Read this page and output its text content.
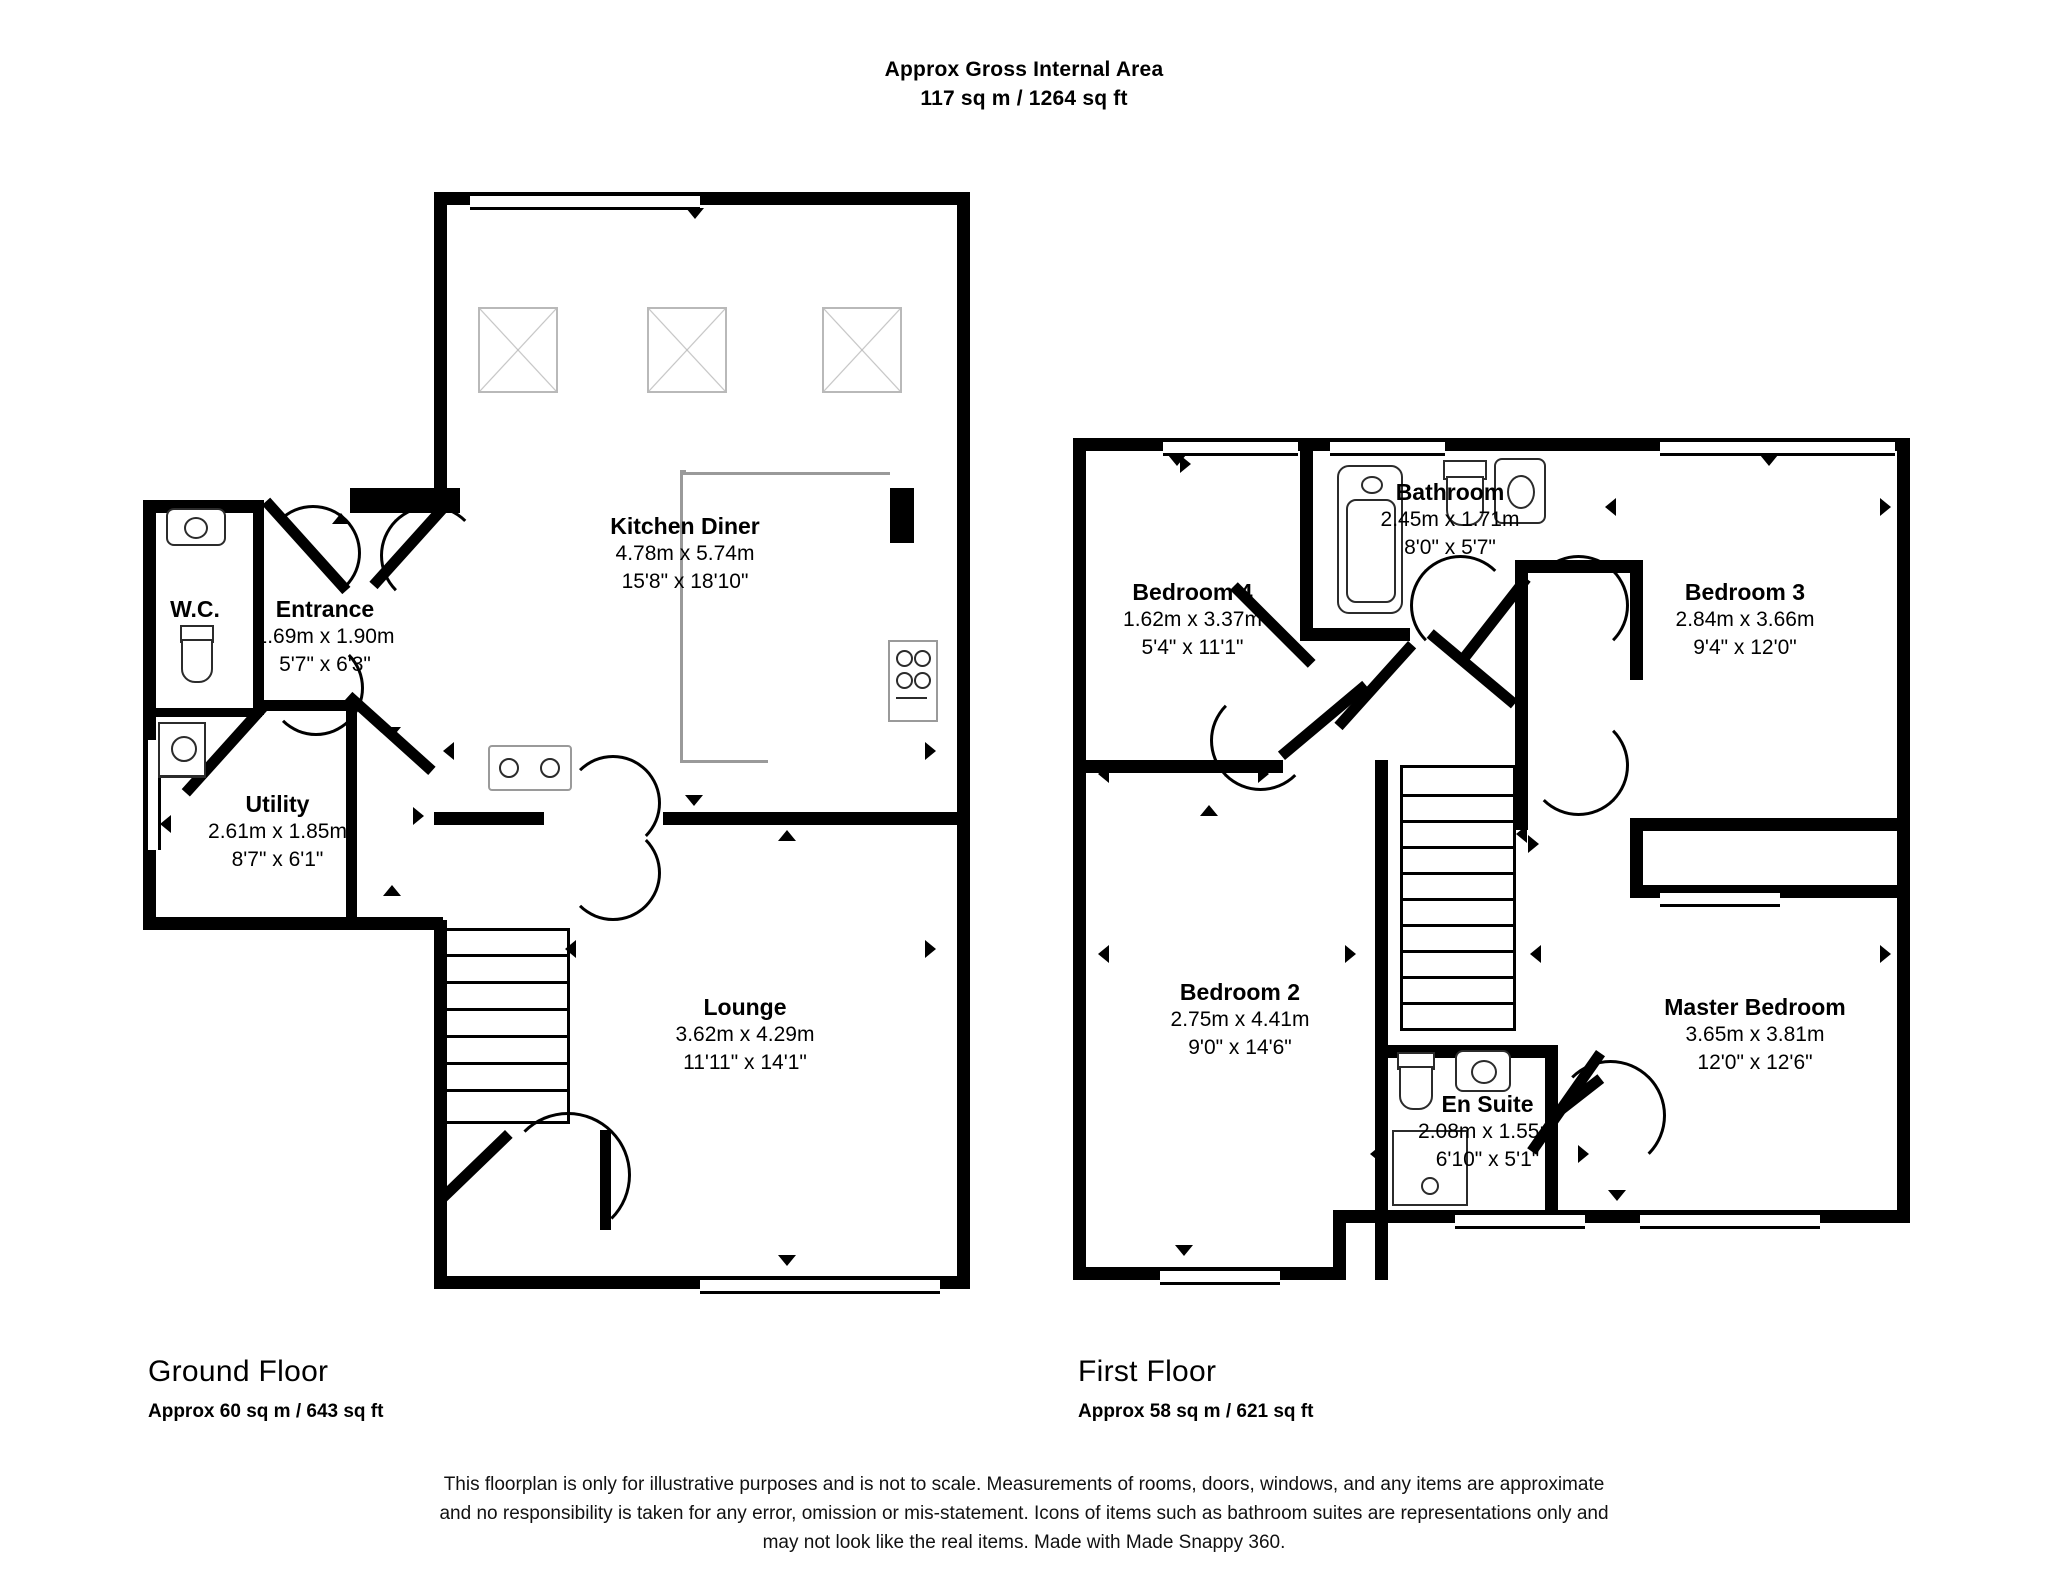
Approx Gross Internal Area
117 sq m / 1264 sq ft
Kitchen Diner
4.78m x 5.74m
15'8" x 18'10"
W.C.	Entrance
1.69m x 1.90m
5'7" x 6'3"
Utility
2.61m x 1.85m
8'7" x 6'1"
Lounge
3.62m x 4.29m
11'11" x 14'1"
Bathroom
2.45m x 1.71m
8'0" x 5'7"
Bedroom 4
1.62m x 3.37m
5'4" x 11'1"
Bedroom 3
2.84m x 3.66m
9'4" x 12'0"
Bedroom 2
2.75m x 4.41m
9'0" x 14'6"
Master Bedroom
3.65m x 3.81m
12'0" x 12'6"
En Suite
2.08m x 1.55m
6'10" x 5'1"
Ground Floor
Approx 60 sq m / 643 sq ft
First Floor
Approx 58 sq m / 621 sq ft
This floorplan is only for illustrative purposes and is not to scale. Measurements of rooms, doors, windows, and any items are approximate
and no responsibility is taken for any error, omission or mis-statement. Icons of items such as bathroom suites are representations only and
may not look like the real items. Made with Made Snappy 360.
